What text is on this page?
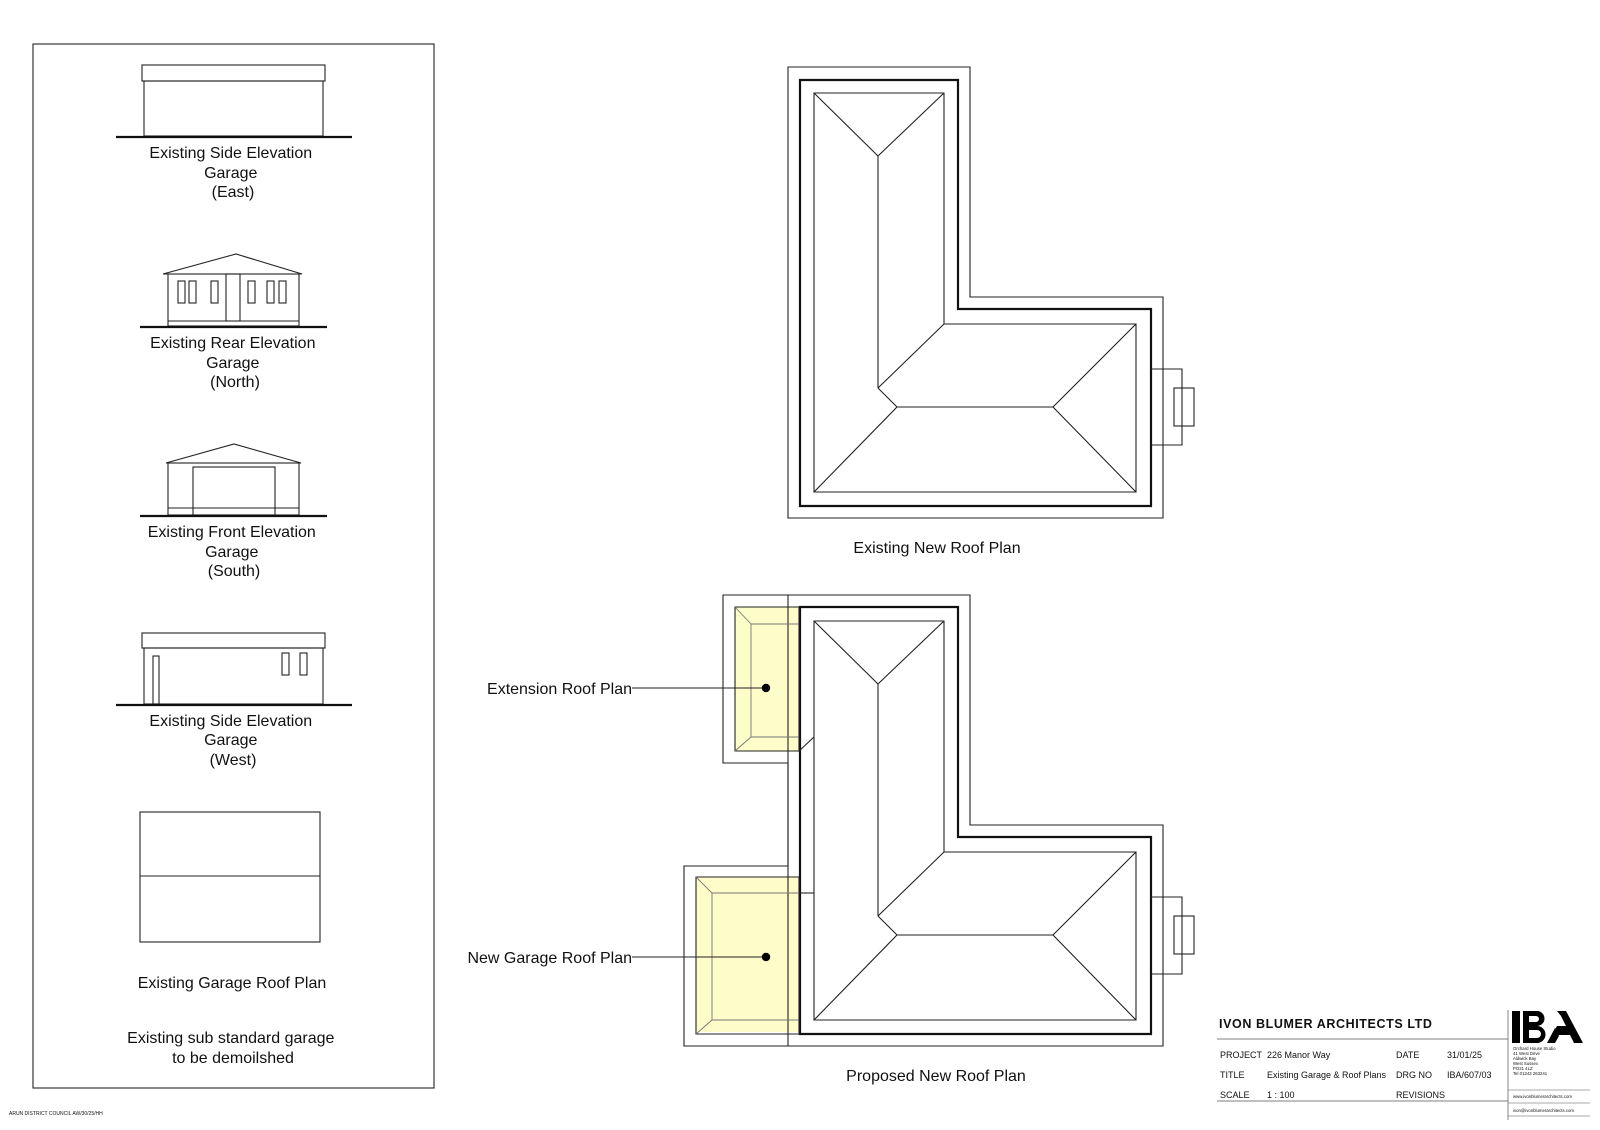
Existing Side Elevation Garage (East)
Existing Rear Elevation Garage (North)
Existing Front Elevation Garage (South)
Existing Side Elevation Garage (West)
Existing Garage Roof Plan
Existing sub standard garage to be demoilshed
ARUN DISTRICT COUNCIL AW/30/25/HH
Existing New Roof Plan
Extension Roof Plan
New Garage Roof Plan
Proposed New Roof Plan
IVON BLUMER ARCHITECTS LTD
Orchard House Studio 41 West Drive Aldwick Bay West Sussex PO21 4LZ Tel 01243 263241
www.ivonblumerarchitects.com
ivon@ivonblumerarchitects.com
PROJECT 226 Manor Way
TITLE Existing Garage & Roof Plans
SCALE 1 : 100
DATE	31/01/25
DRG NO IBA/607/03
REVISIONS
